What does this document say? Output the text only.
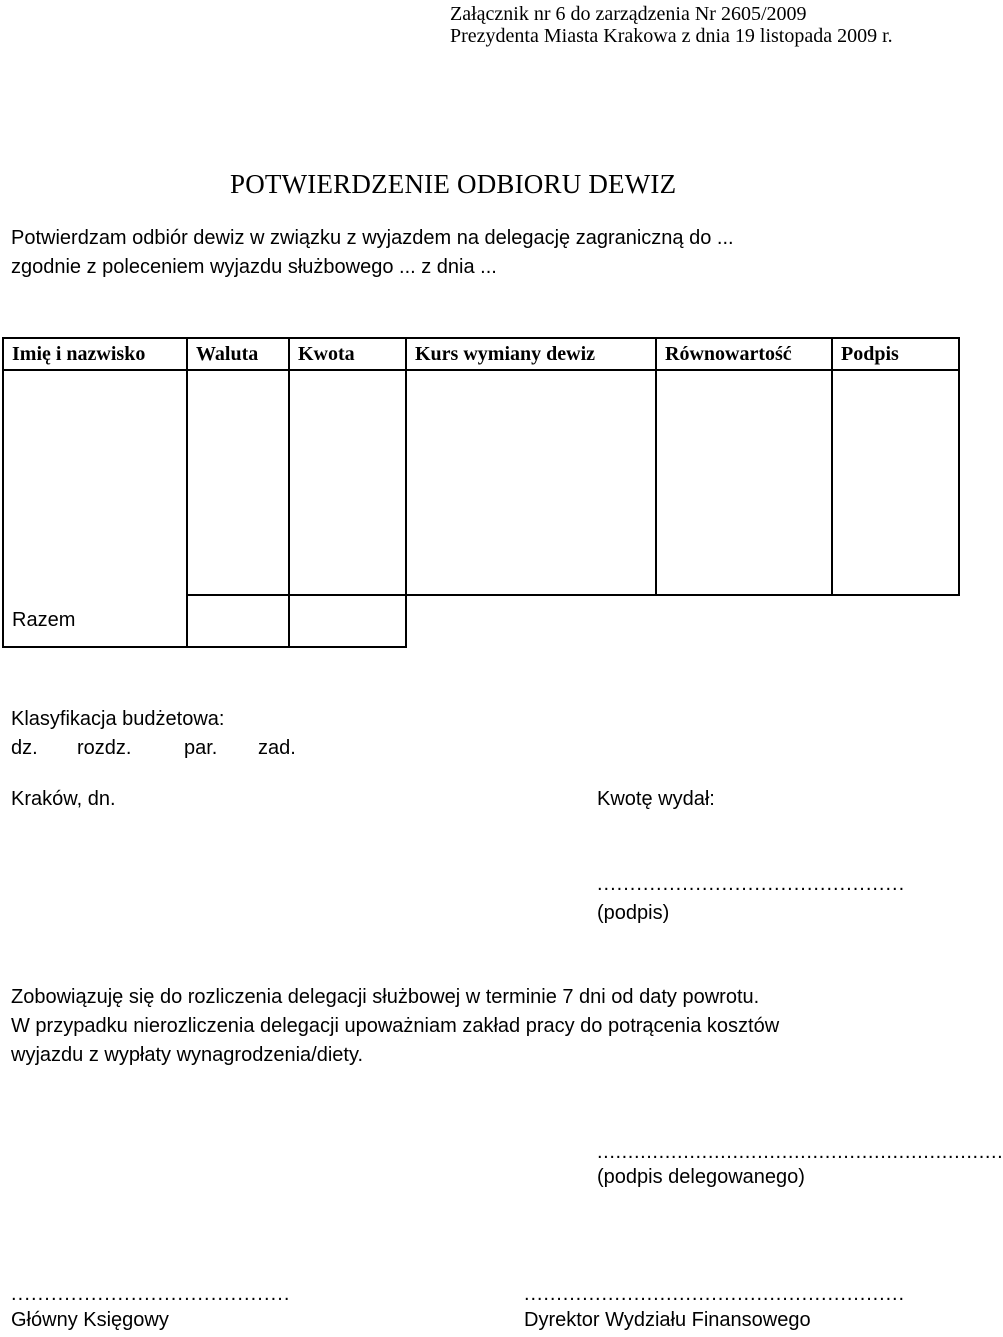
Załącznik nr 6 do zarządzenia Nr 2605/2009
Prezydenta Miasta Krakowa z dnia 19 listopada 2009 r.
POTWIERDZENIE ODBIORU DEWIZ
Potwierdzam odbiór dewiz w związku z wyjazdem na delegację zagraniczną do ...
zgodnie z poleceniem wyjazdu służbowego ... z dnia ...
Imię i nazwisko	Waluta	Kwota	Kurs wymiany dewiz	Równowartość	Podpis

Razem					
Klasyfikacja budżetowa:
dz. rozdz.	par. zad.
Kraków, dn.	Kwotę wydał:
...............................................
(podpis)
Zobowiązuję się do rozliczenia delegacji służbowej w terminie 7 dni od daty powrotu.
W przypadku nierozliczenia delegacji upoważniam zakład pracy do potrącenia kosztów
wyjazdu z wypłaty wynagrodzenia/diety.
..................................................................
(podpis delegowanego)
..........................................
Główny Księgowy
...........................................................
Dyrektor Wydziału Finansowego
